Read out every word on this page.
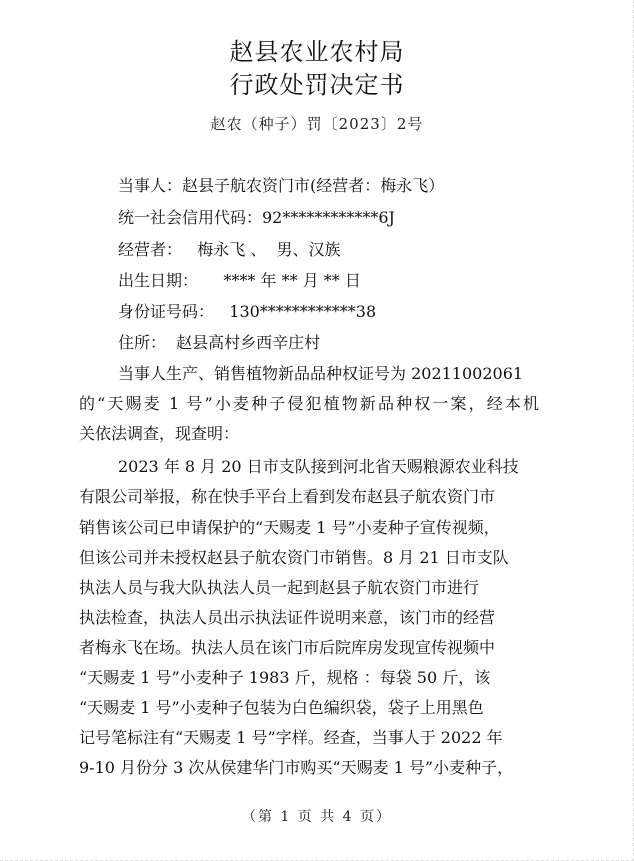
赵县农业农村局
行政处罚决定书
赵农（种子）罚〔2023〕2号
当事人：赵县子航农资门市(经营者：梅永飞）
统一社会信用代码：92************6J
经营者：   梅永飞 、  男、汉族
出生日期：     **** 年 ** 月 ** 日
身份证号码：   130************38
住所：  赵县高村乡西辛庄村
当事人生产、销售植物新品品种权证号为 20211002061
的“天赐麦 1 号”小麦种子侵犯植物新品种权一案，经本机
关依法调查，现查明：
2023 年 8 月 20 日市支队接到河北省天赐粮源农业科技
有限公司举报，称在快手平台上看到发布赵县子航农资门市
销售该公司已申请保护的“天赐麦 1 号”小麦种子宣传视频，
但该公司并未授权赵县子航农资门市销售。8 月 21 日市支队
执法人员与我大队执法人员一起到赵县子航农资门市进行
执法检查，执法人员出示执法证件说明来意，该门市的经营
者梅永飞在场。执法人员在该门市后院库房发现宣传视频中
“天赐麦 1 号”小麦种子 1983 斤，规格 ：每袋 50 斤，该
“天赐麦 1 号”小麦种子包装为白色编织袋，袋子上用黑色
记号笔标注有“天赐麦 1 号”字样。经查，当事人于 2022 年
9-10 月份分 3 次从侯建华门市购买“天赐麦 1 号”小麦种子，
（第 1 页 共 4 页）
